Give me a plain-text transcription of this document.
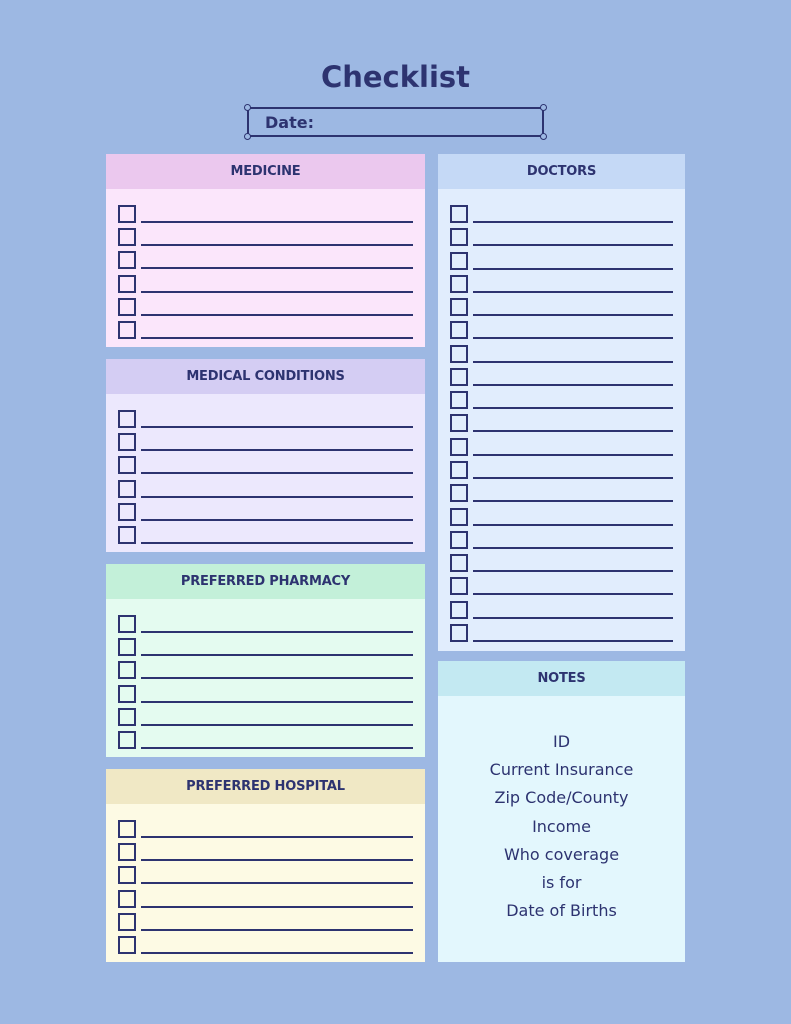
Checklist
Date:
MEDICINE
MEDICAL CONDITIONS
PREFERRED PHARMACY
PREFERRED HOSPITAL
DOCTORS
NOTES
ID
Current Insurance
Zip Code/County
Income
Who coverage
is for
Date of Births
